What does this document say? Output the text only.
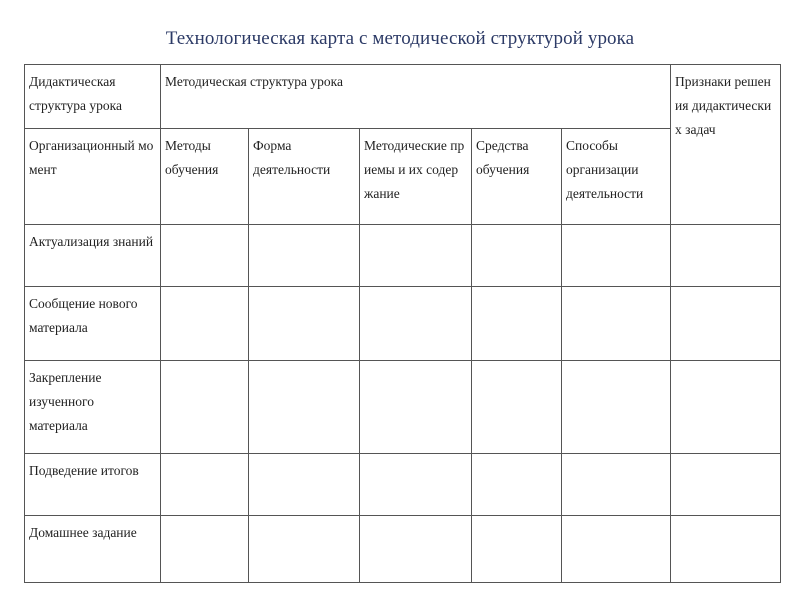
Технологическая карта с методической структурой урока
Дидактическая структура урока	Методическая структура урока					Признаки решения дидактических задач
Организационный момент	Методы обучения	Форма деятельности	Методические приемы и их содержание	Средства обучения	Способы организации деятельности	
Актуализация знаний						
Сообщение нового материала						
Закрепление изученного материала						
Подведение итогов						
Домашнее задание						
